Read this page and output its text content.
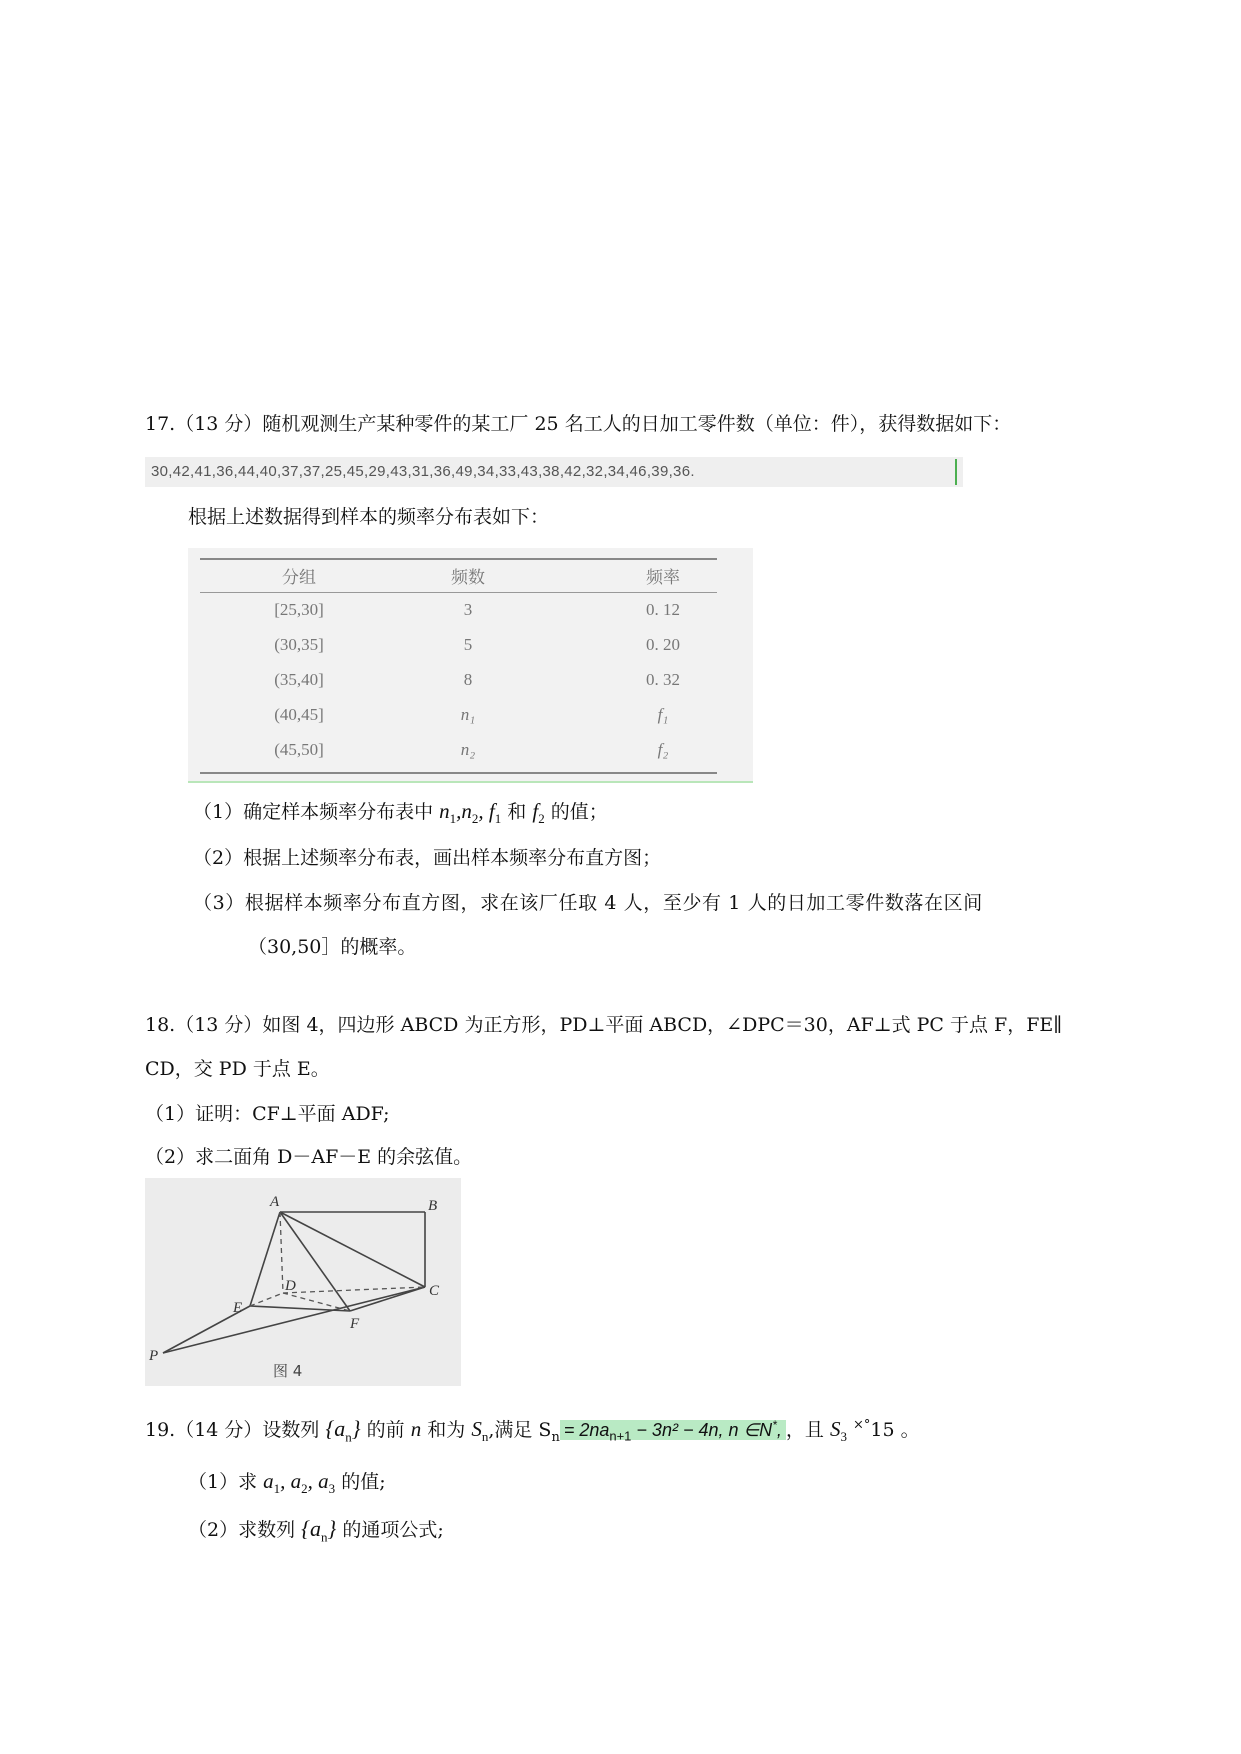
17.（13 分）随机观测生产某种零件的某工厂 25 名工人的日加工零件数（单位：件），获得数据如下：
30,42,41,36,44,40,37,37,25,45,29,43,31,36,49,34,33,43,38,42,32,34,46,39,36.
根据上述数据得到样本的频率分布表如下：
分组	频数	频率
[25,30]	3	0. 12
(30,35]	5	0. 20
(35,40]	8	0. 32
(40,45]	n₁	f₁
(45,50]	n₂	f₂
（1）确定样本频率分布表中 $n_1,n_2$, $f_1$ 和 $f_2$ 的值；
（2）根据上述频率分布表，画出样本频率分布直方图；
（3）根据样本频率分布直方图，求在该厂任取 4 人，至少有 1 人的日加工零件数落在区间
（30,50］的概率。
18.（13 分）如图 4，四边形 ABCD 为正方形，PD⊥平面 ABCD，∠DPC＝30，AF⊥式 PC 于点 F，FE∥
CD，交 PD 于点 E。
（1）证明：CF⊥平面 ADF;
（2）求二面角 D－AF－E 的余弦值。
A	B
C
D
E
F
P
图 4
19.（14 分）设数列 $\{a_n\}$ 的前 n 和为 $S_n$,满足 $S_n = 2na_{n+1} - 3n^2 - 4n$, n ∈N*, ，且 $S_3$ ×°15 。
（1）求 $a_1$, $a_2$, $a_3$ 的值;
（2）求数列 $\{a_n\}$ 的通项公式;
